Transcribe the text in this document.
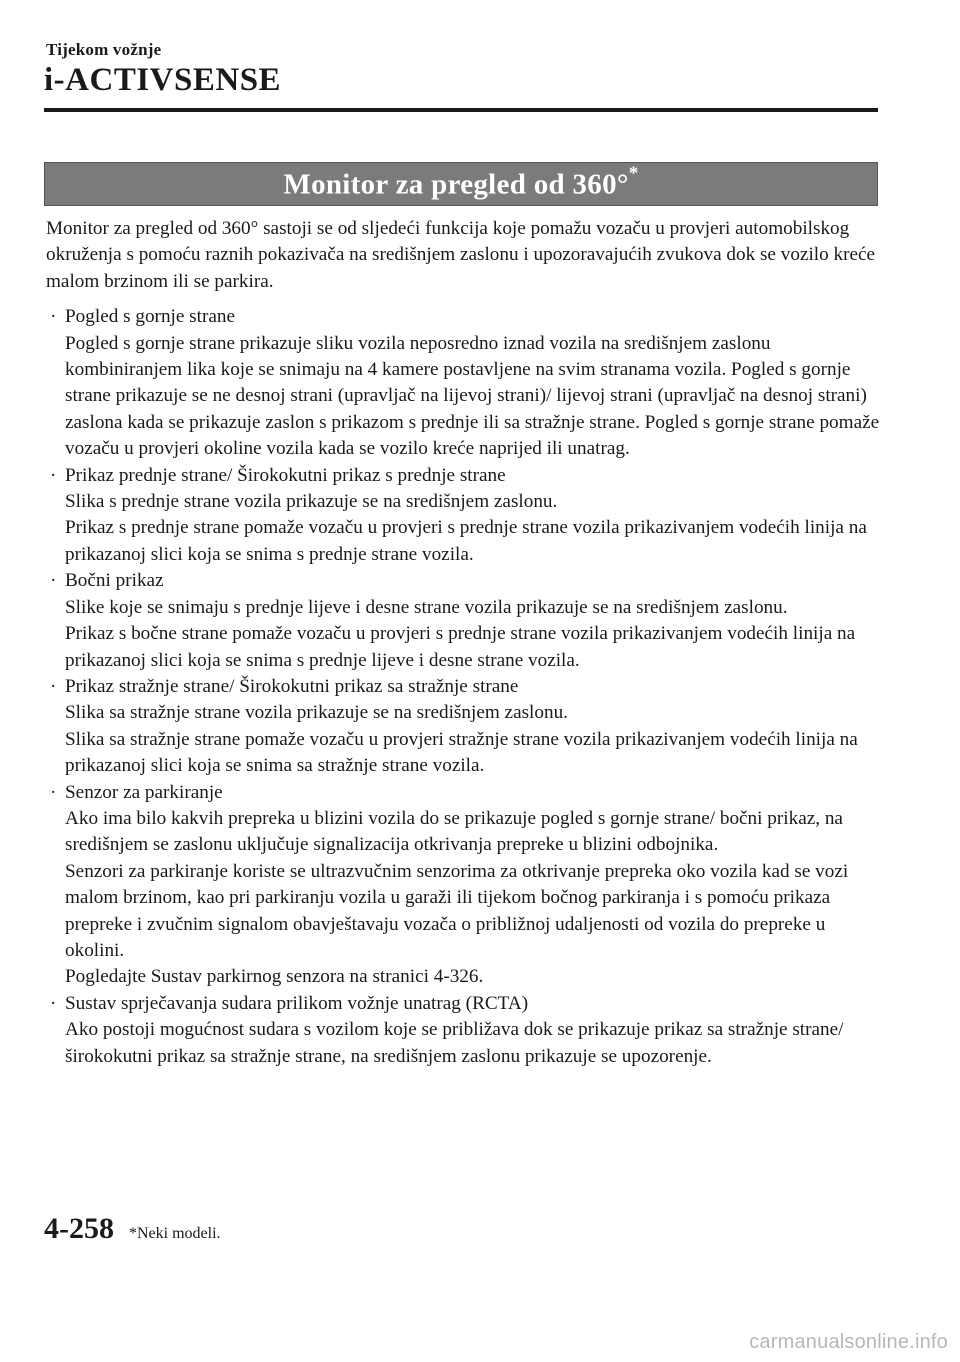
Tijekom vožnje
i-ACTIVSENSE
Monitor za pregled od 360°*

Monitor za pregled od 360° sastoji se od sljedeći funkcija koje pomažu vozaču u provjeri automobilskog okruženja s pomoću raznih pokazivača na središnjem zaslonu i upozoravajućih zvukova dok se vozilo kreće malom brzinom ili se parkira.

· Pogled s gornje strane

Pogled s gornje strane prikazuje sliku vozila neposredno iznad vozila na središnjem zaslonu kombiniranjem lika koje se snimaju na 4 kamere postavljene na svim stranama vozila. Pogled s gornje strane prikazuje se ne desnoj strani (upravljač na lijevoj strani)/ lijevoj strani (upravljač na desnoj strani) zaslona kada se prikazuje zaslon s prikazom s prednje ili sa stražnje strane. Pogled s gornje strane pomaže vozaču u provjeri okoline vozila kada se vozilo kreće naprijed ili unatrag.

· Prikaz prednje strane/ Širokokutni prikaz s prednje strane

Slika s prednje strane vozila prikazuje se na središnjem zaslonu.

Prikaz s prednje strane pomaže vozaču u provjeri s prednje strane vozila prikazivanjem vodećih linija na prikazanoj slici koja se snima s prednje strane vozila.

· Bočni prikaz

Slike koje se snimaju s prednje lijeve i desne strane vozila prikazuje se na središnjem zaslonu.

Prikaz s bočne strane pomaže vozaču u provjeri s prednje strane vozila prikazivanjem vodećih linija na prikazanoj slici koja se snima s prednje lijeve i desne strane vozila.

· Prikaz stražnje strane/ Širokokutni prikaz sa stražnje strane

Slika sa stražnje strane vozila prikazuje se na središnjem zaslonu.

Slika sa stražnje strane pomaže vozaču u provjeri stražnje strane vozila prikazivanjem vodećih linija na prikazanoj slici koja se snima sa stražnje strane vozila.

· Senzor za parkiranje

Ako ima bilo kakvih prepreka u blizini vozila do se prikazuje pogled s gornje strane/ bočni prikaz, na središnjem se zaslonu uključuje signalizacija otkrivanja prepreke u blizini odbojnika.

Senzori za parkiranje koriste se ultrazvučnim senzorima za otkrivanje prepreka oko vozila kad se vozi malom brzinom, kao pri parkiranju vozila u garaži ili tijekom bočnog parkiranja i s pomoću prikaza prepreke i zvučnim signalom obavještavaju vozača o približnoj udaljenosti od vozila do prepreke u okolini.

Pogledajte Sustav parkirnog senzora na stranici 4-326.

· Sustav sprječavanja sudara prilikom vožnje unatrag (RCTA)

Ako postoji mogućnost sudara s vozilom koje se približava dok se prikazuje prikaz sa stražnje strane/ širokokutni prikaz sa stražnje strane, na središnjem zaslonu prikazuje se upozorenje.

4-258 *Neki modeli.
carmanualsonline.info
